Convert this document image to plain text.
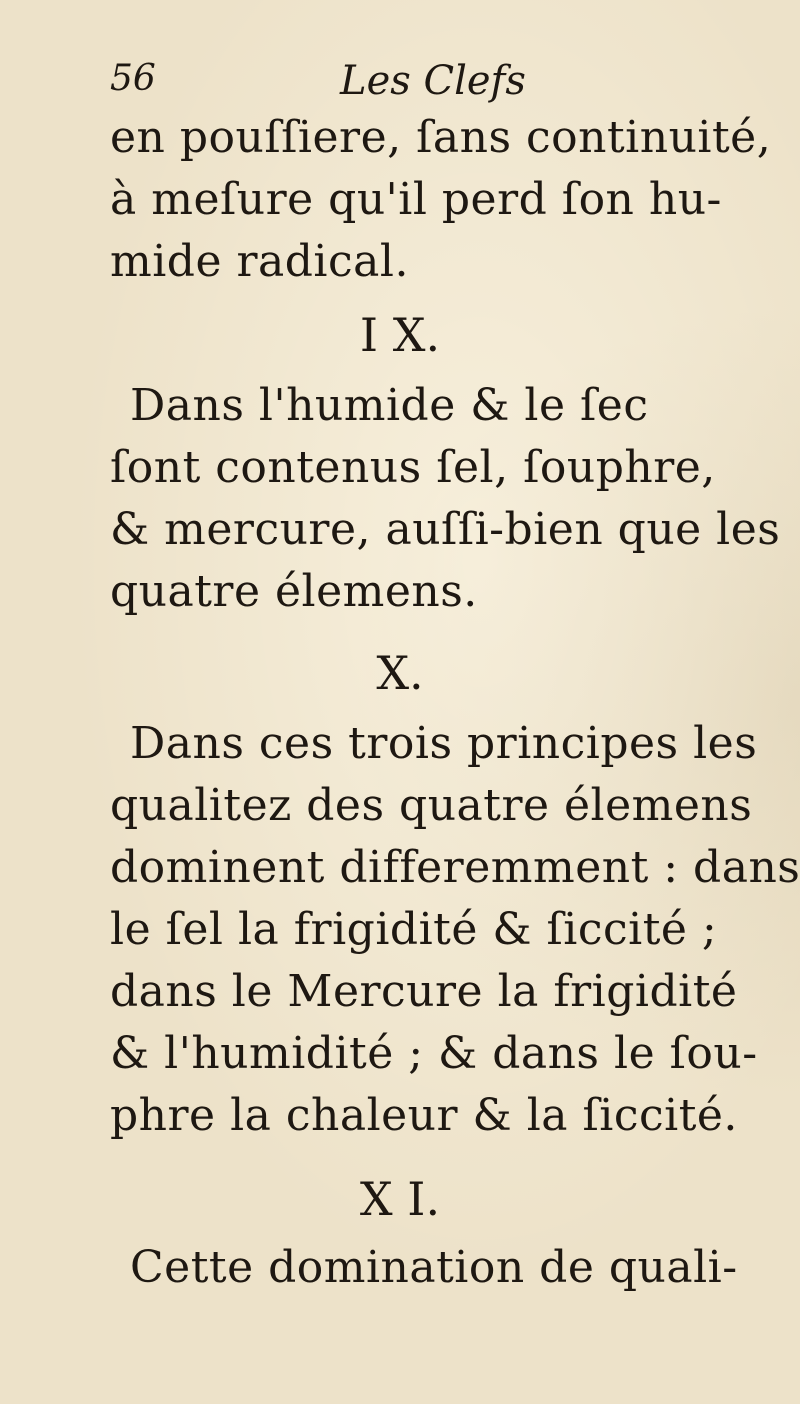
56	Les Clefs
en pouſſiere, ſans continuité,
à meſure qu'il perd ſon hu-
mide radical.
I X.
Dans l'humide & le ſec
ſont contenus ſel, ſouphre,
& mercure, auſſi-bien que les
quatre élemens.
X.
Dans ces trois principes les
qualitez des quatre élemens
dominent differemment : dans
le ſel la frigidité & ſiccité ;
dans le Mercure la frigidité
& l'humidité ; & dans le ſou-
phre la chaleur & la ſiccité.
X I.
Cette domination de quali-
